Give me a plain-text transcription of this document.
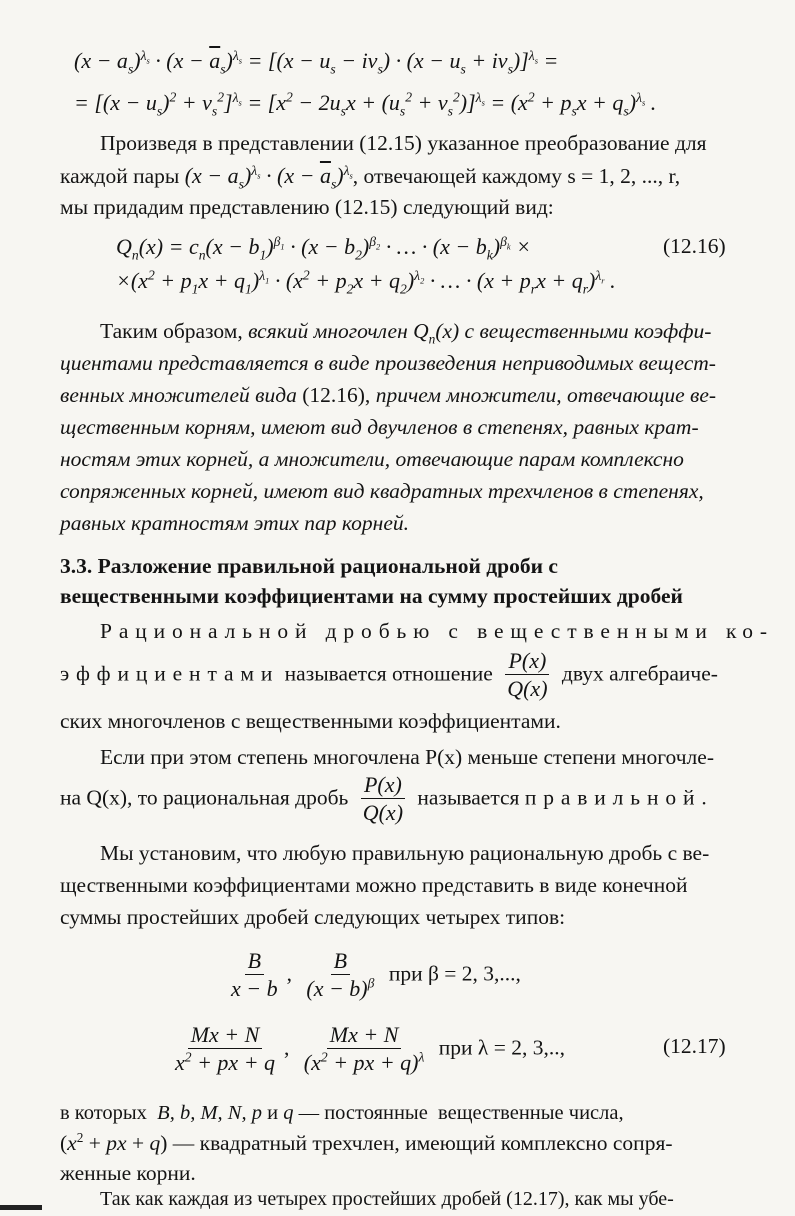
$(x - a_s)^{\lambda_s} \cdot (x - \overline{a}_s)^{\lambda_s} = [(x - u_s - iv_s) \cdot (x - u_s + iv_s)]^{\lambda_s}$ =
= $[(x - u_s)^2 + v_s^2]^{\lambda_s} = [x^2 - 2u_sx + (u_s^2 + v_s^2)]^{\lambda_s} = (x^2 + p_sx + q_s)^{\lambda_s}$ .
Произведя в представлении (12.15) указанное преобразование для
каждой пары $(x - a_s)^{\lambda_s} \cdot (x - \overline{a}_s)^{\lambda_s}$, отвечающей каждому s = 1, 2, ..., r,
мы придадим представлению (12.15) следующий вид:
$Q_n(x) = c_n(x - b_1)^{\beta_1} \cdot (x - b_2)^{\beta_2}$ · … · $(x - b_k)^{\beta_k}$ ×	(12.16)
$\times(x^2 + p_1x + q_1)^{\lambda_1} \cdot (x^2 + p_2x + q_2)^{\lambda_2}$ · … · $(x + p_rx + q_r)^{\lambda_r}$ .
Таким образом, всякий многочлен $Q_n(x)$ с вещественными коэффи-
циентами представляется в виде произведения неприводимых вещест-
венных множителей вида (12.16), причем множители, отвечающие ве-
щественным корням, имеют вид двучленов в степенях, равных крат-
ностям этих корней, а множители, отвечающие парам комплексно
сопряженных корней, имеют вид квадратных трехчленов в степенях,
равных кратностям этих пар корней.
3.3. Разложение правильной рациональной дроби с
вещественными коэффициентами на сумму простейших дробей
Рациональной дробью с вещественными ко-
эффициентами называется отношение $\frac{P(x)}{Q(x)}$ двух алгебраиче-
ских многочленов с вещественными коэффициентами.
Если при этом степень многочлена P(x) меньше степени многочле-
на Q(x), то рациональная дробь $\frac{P(x)}{Q(x)}$ называется правильной.
Мы установим, что любую правильную рациональную дробь с ве-
щественными коэффициентами можно представить в виде конечной
суммы простейших дробей следующих четырех типов:
$\frac{B}{x - b}$ , $\frac{B}{(x - b)^\beta}$ при β = 2, 3,...,
$\frac{Mx + N}{x^2 + px + q}$ , $\frac{Mx + N}{(x^2 + px + q)^\lambda}$ при λ = 2, 3,..,	(12.17)
в которых  B, b, M, N, p и q — постоянные  вещественные числа,
($x^2$ + px + q) — квадратный трехчлен, имеющий комплексно сопря-
женные корни.
Так как каждая из четырех простейших дробей (12.17), как мы убе-
